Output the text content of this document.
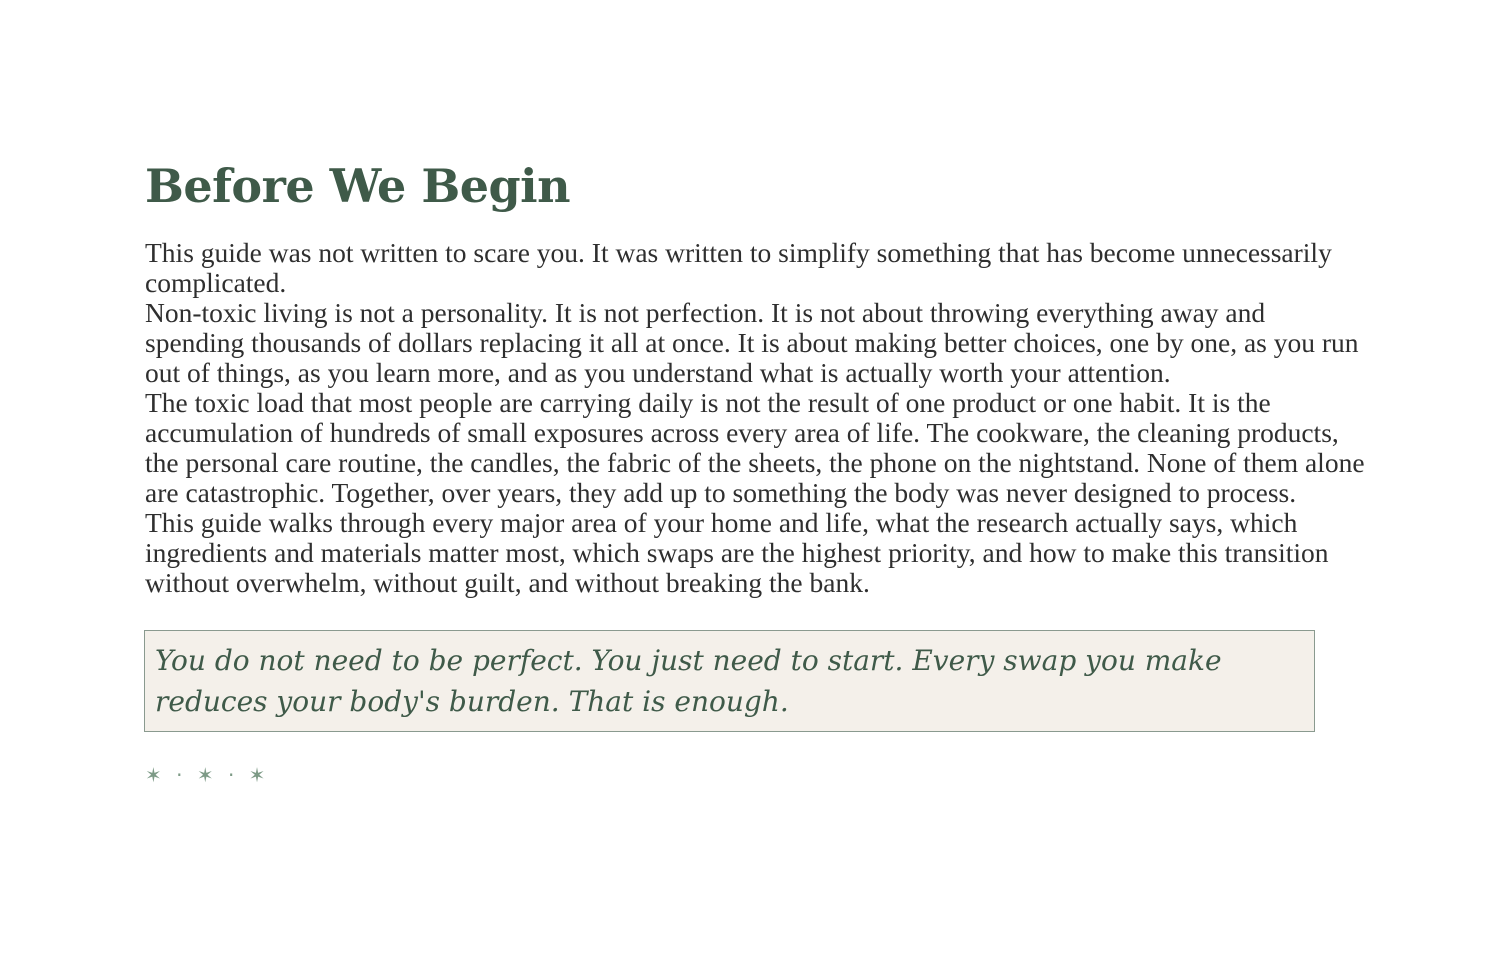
Before We Begin

This guide was not written to scare you. It was written to simplify something that has become unnecessarily complicated.

Non-toxic living is not a personality. It is not perfection. It is not about throwing everything away and spending thousands of dollars replacing it all at once. It is about making better choices, one by one, as you run out of things, as you learn more, and as you understand what is actually worth your attention.

The toxic load that most people are carrying daily is not the result of one product or one habit. It is the accumulation of hundreds of small exposures across every area of life. The cookware, the cleaning products, the personal care routine, the candles, the fabric of the sheets, the phone on the nightstand. None of them alone are catastrophic. Together, over years, they add up to something the body was never designed to process.

This guide walks through every major area of your home and life, what the research actually says, which ingredients and materials matter most, which swaps are the highest priority, and how to make this transition without overwhelm, without guilt, and without breaking the bank.

You do not need to be perfect. You just need to start. Every swap you make reduces your body's burden. That is enough.
✶ · ✶ · ✶
